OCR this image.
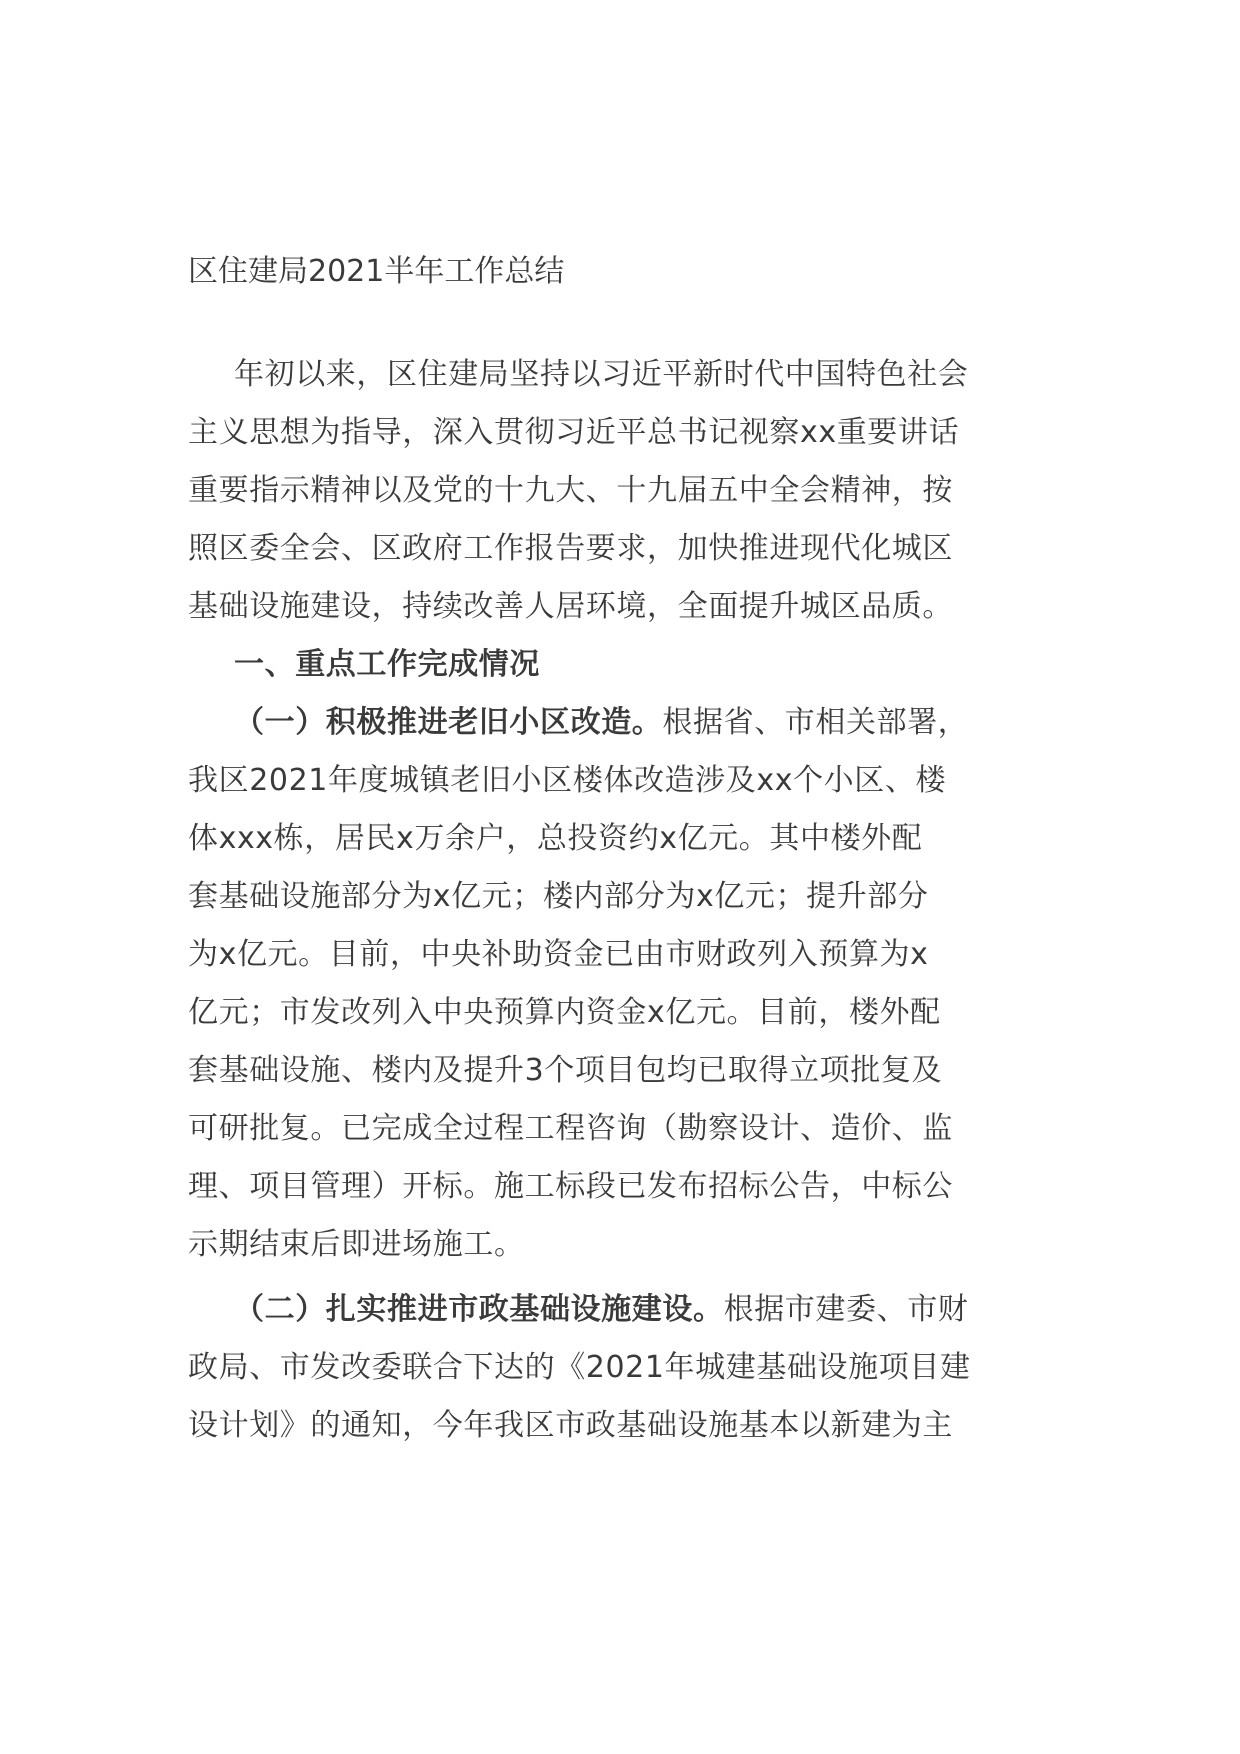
区住建局2021半年工作总结
年初以来，区住建局坚持以习近平新时代中国特色社会
主义思想为指导，深入贯彻习近平总书记视察xx重要讲话
重要指示精神以及党的十九大、十九届五中全会精神，按
照区委全会、区政府工作报告要求，加快推进现代化城区
基础设施建设，持续改善人居环境，全面提升城区品质。
一、重点工作完成情况
（一）积极推进老旧小区改造。根据省、市相关部署，
我区2021年度城镇老旧小区楼体改造涉及xx个小区、楼
体xxx栋，居民x万余户，总投资约x亿元。其中楼外配
套基础设施部分为x亿元；楼内部分为x亿元；提升部分
为x亿元。目前，中央补助资金已由市财政列入预算为x
亿元；市发改列入中央预算内资金x亿元。目前，楼外配
套基础设施、楼内及提升3个项目包均已取得立项批复及
可研批复。已完成全过程工程咨询（勘察设计、造价、监
理、项目管理）开标。施工标段已发布招标公告，中标公
示期结束后即进场施工。
（二）扎实推进市政基础设施建设。根据市建委、市财
政局、市发改委联合下达的《2021年城建基础设施项目建
设计划》的通知，今年我区市政基础设施基本以新建为主
